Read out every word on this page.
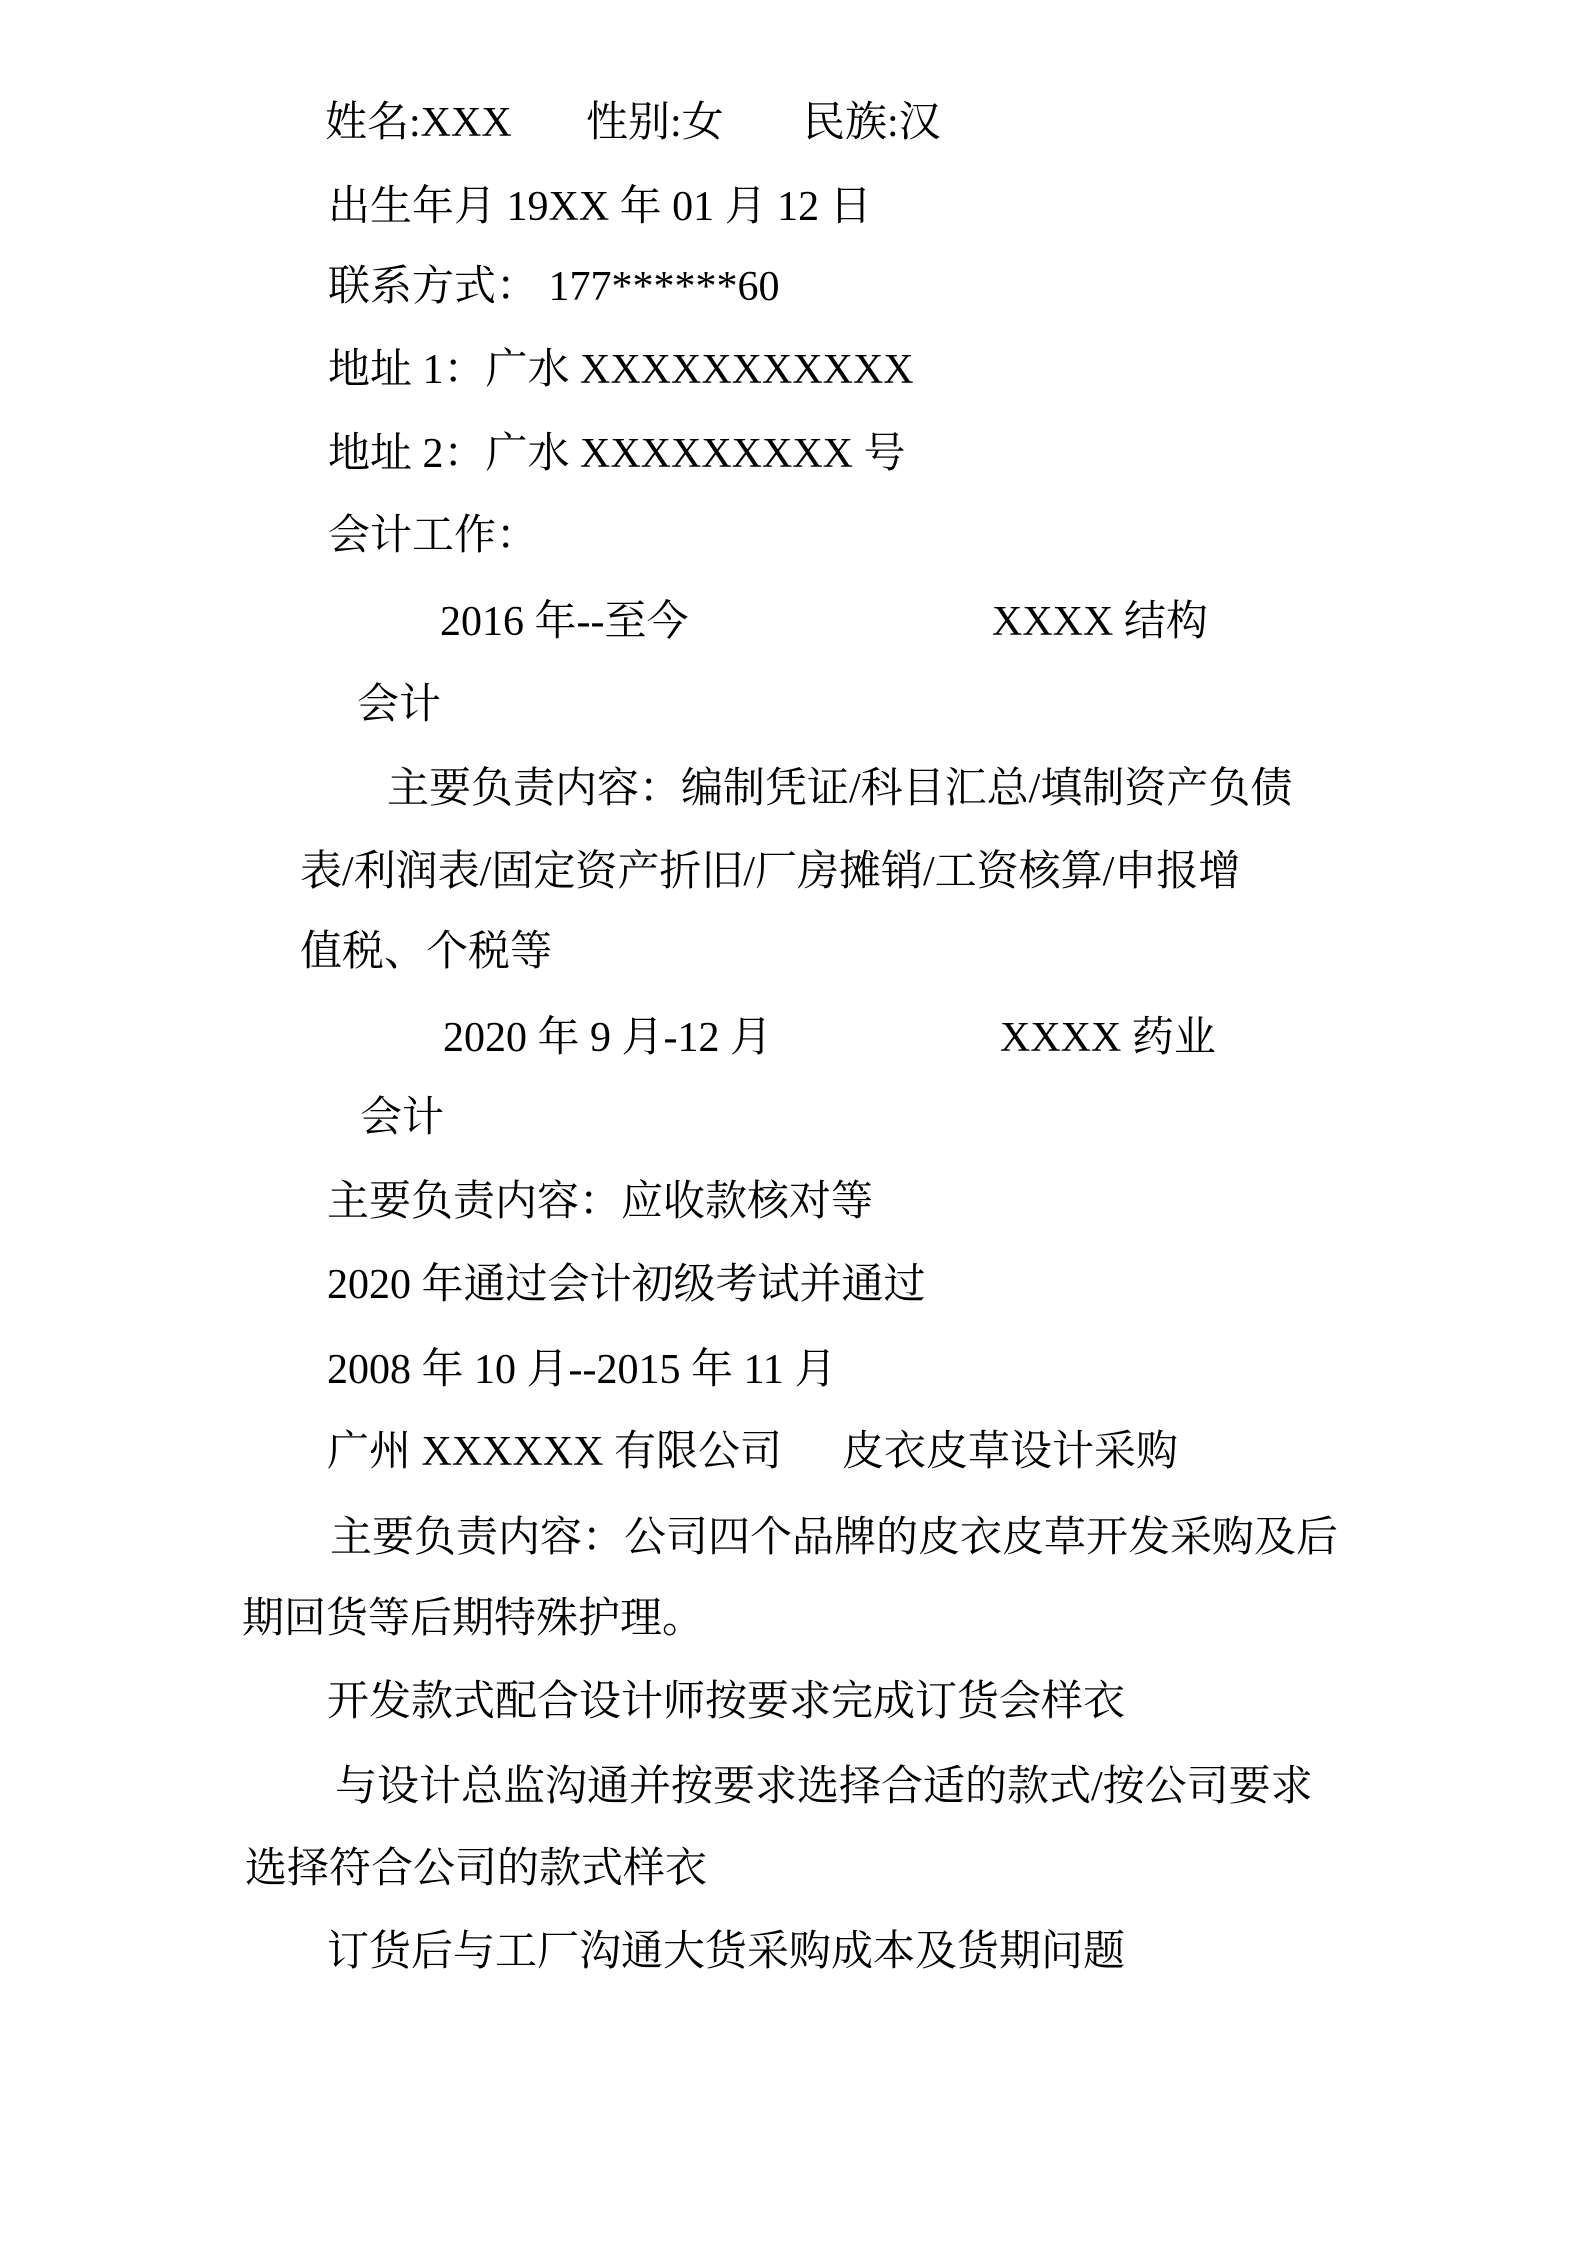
姓名:XXX 性别:女 民族:汉
出生年月 19XX 年 01 月 12 日
联系方式： 177******60
地址 1：广水 XXXXXXXXXXX
地址 2：广水 XXXXXXXXX 号
会计工作：
2016 年--至今	XXXX 结构
会计
主要负责内容：编制凭证/科目汇总/填制资产负债
表/利润表/固定资产折旧/厂房摊销/工资核算/申报增
值税、个税等
2020 年 9 月-12 月	XXXX 药业
会计
主要负责内容：应收款核对等
2020 年通过会计初级考试并通过
2008 年 10 月--2015 年 11 月
广州 XXXXXX 有限公司 皮衣皮草设计采购
主要负责内容：公司四个品牌的皮衣皮草开发采购及后
期回货等后期特殊护理。
开发款式配合设计师按要求完成订货会样衣
与设计总监沟通并按要求选择合适的款式/按公司要求
选择符合公司的款式样衣
订货后与工厂沟通大货采购成本及货期问题
